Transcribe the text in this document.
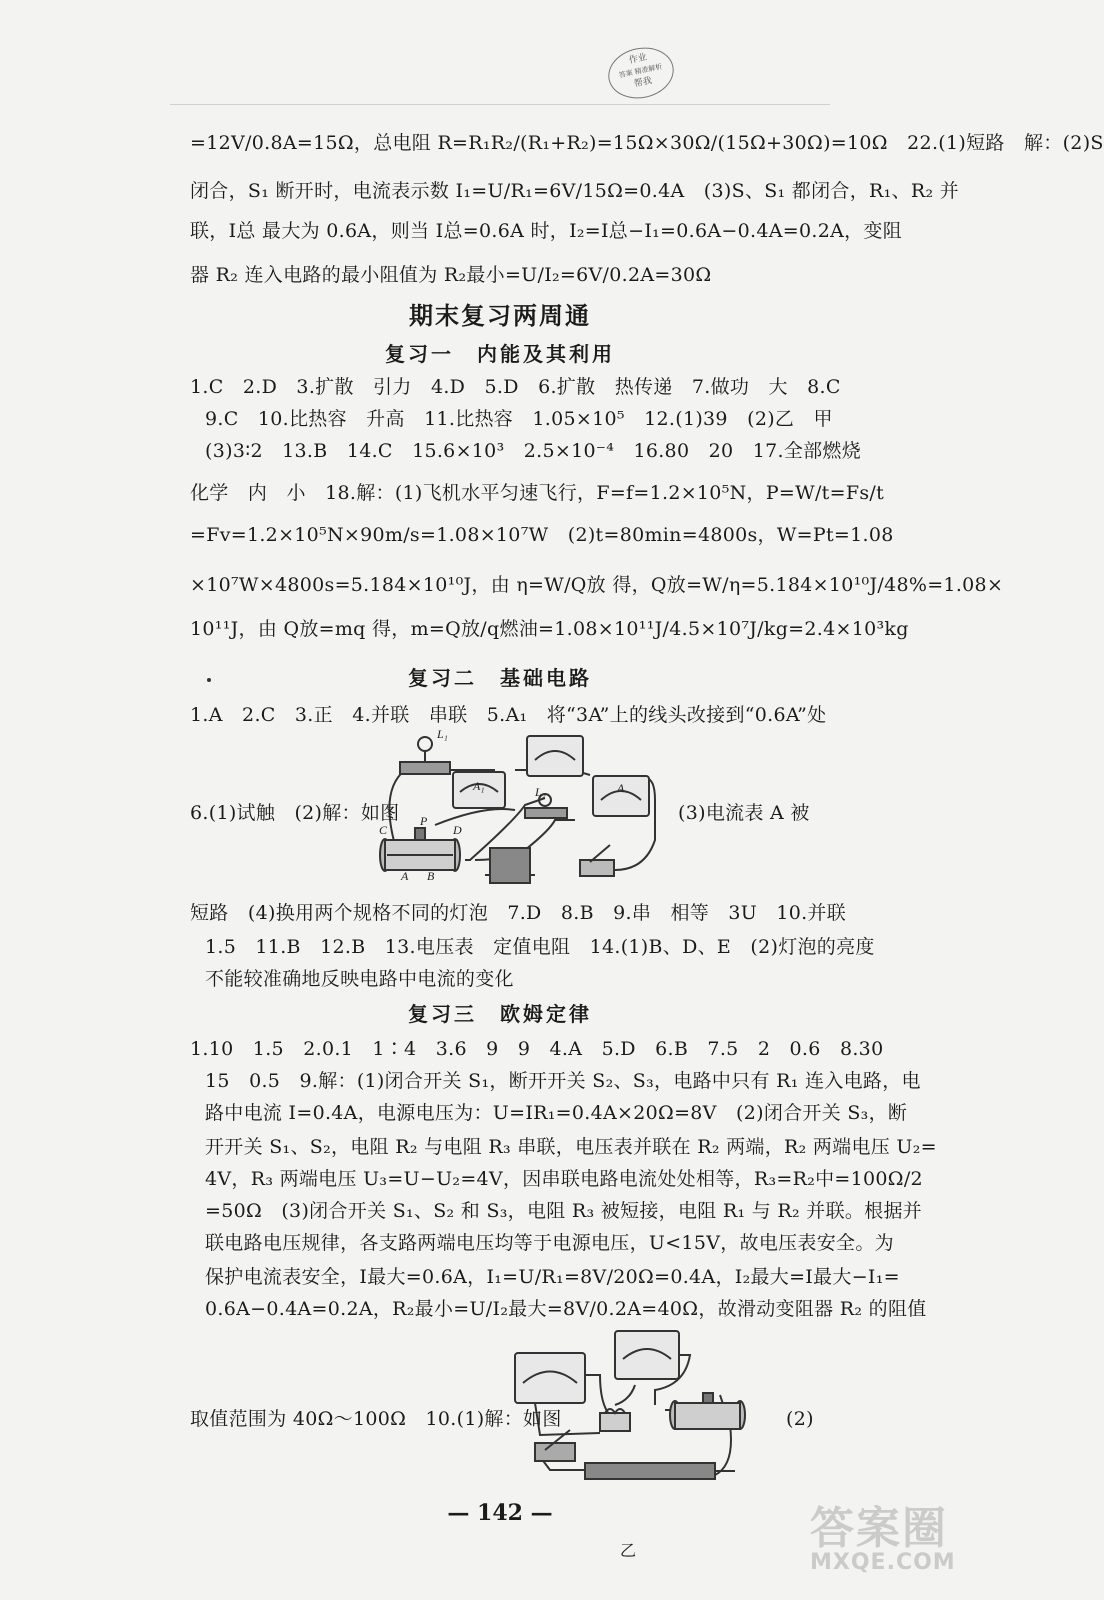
作业
答案 精准解析
帮我
=12V/0.8A=15Ω，总电阻 R=R₁R₂/(R₁+R₂)=15Ω×30Ω/(15Ω+30Ω)=10Ω　22.(1)短路　解：(2)S
闭合，S₁ 断开时，电流表示数 I₁=U/R₁=6V/15Ω=0.4A　(3)S、S₁ 都闭合，R₁、R₂ 并
联，I总 最大为 0.6A，则当 I总=0.6A 时，I₂=I总−I₁=0.6A−0.4A=0.2A，变阻
器 R₂ 连入电路的最小阻值为 R₂最小=U/I₂=6V/0.2A=30Ω
期末复习两周通
复习一　内能及其利用
1.C　2.D　3.扩散　引力　4.D　5.D　6.扩散　热传递　7.做功　大　8.C
9.C　10.比热容　升高　11.比热容　1.05×10⁵　12.(1)39　(2)乙　甲
(3)3∶2　13.B　14.C　15.6×10³　2.5×10⁻⁴　16.80　20　17.全部燃烧
化学　内　小　18.解：(1)飞机水平匀速飞行，F=f=1.2×10⁵N，P=W/t=Fs/t
=Fv=1.2×10⁵N×90m/s=1.08×10⁷W　(2)t=80min=4800s，W=Pt=1.08
×10⁷W×4800s=5.184×10¹⁰J，由 η=W/Q放 得，Q放=W/η=5.184×10¹⁰J/48%=1.08×
10¹¹J，由 Q放=mq 得，m=Q放/q燃油=1.08×10¹¹J/4.5×10⁷J/kg=2.4×10³kg
复习二　基础电路
1.A　2.C　3.正　4.并联　串联　5.A₁　将“3A”上的线头改接到“0.6A”处
L₁
L₂
A₁	A
P
C	D
A B
6.(1)试触　(2)解：如图	(3)电流表 A 被
短路　(4)换用两个规格不同的灯泡　7.D　8.B　9.串　相等　3U　10.并联
1.5　11.B　12.B　13.电压表　定值电阻　14.(1)B、D、E　(2)灯泡的亮度
不能较准确地反映电路中电流的变化
复习三　欧姆定律
1.10　1.5　2.0.1　1∶4　3.6　9　9　4.A　5.D　6.B　7.5　2　0.6　8.30
15　0.5　9.解：(1)闭合开关 S₁，断开开关 S₂、S₃，电路中只有 R₁ 连入电路，电
路中电流 I=0.4A，电源电压为：U=IR₁=0.4A×20Ω=8V　(2)闭合开关 S₃，断
开开关 S₁、S₂，电阻 R₂ 与电阻 R₃ 串联，电压表并联在 R₂ 两端，R₂ 两端电压 U₂=
4V，R₃ 两端电压 U₃=U−U₂=4V，因串联电路电流处处相等，R₃=R₂中=100Ω/2
=50Ω　(3)闭合开关 S₁、S₂ 和 S₃，电阻 R₃ 被短接，电阻 R₁ 与 R₂ 并联。根据并
联电路电压规律，各支路两端电压均等于电源电压，U<15V，故电压表安全。为
保护电流表安全，I最大=0.6A，I₁=U/R₁=8V/20Ω=0.4A，I₂最大=I最大−I₁=
0.6A−0.4A=0.2A，R₂最小=U/I₂最大=8V/0.2A=40Ω，故滑动变阻器 R₂ 的阻值
取值范围为 40Ω～100Ω　10.(1)解：如图	(2)
乙
— 142 —	答案圈
MXQE.COM
